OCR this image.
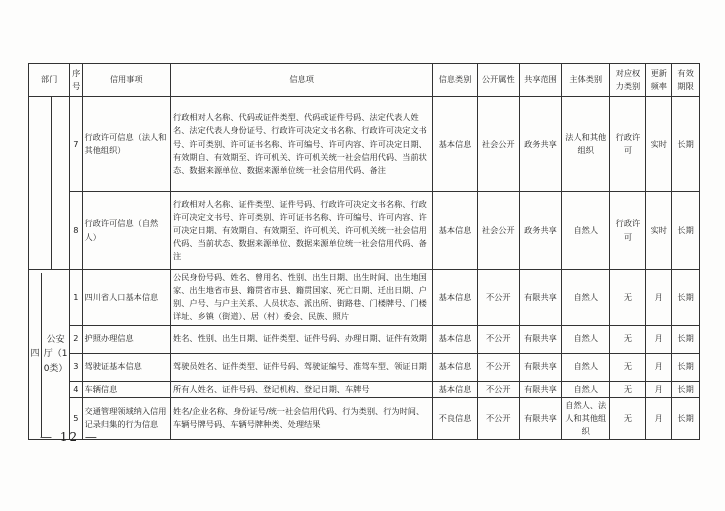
部门	序号	信用事项	信息项	信息类别	公开属性	共享范围	主体类别	对应权力类别	更新频率	有效期限

	7	行政许可信息（法人和其他组织）	行政相对人名称、代码或证件类型、代码或证件号码、法定代表人姓名、法定代表人身份证号、行政许可决定文书名称、行政许可决定文书号、许可类别、许可证书名称、许可编号、许可内容、许可决定日期、有效期自、有效期至、许可机关、许可机关统一社会信用代码、当前状态、数据来源单位、数据来源单位统一社会信用代码、备注	基本信息	社会公开	政务共享	法人和其他组织	行政许可	实时	长期
	8	行政许可信息（自然人）	行政相对人名称、证件类型、证件号码、行政许可决定文书名称、行政许可决定文书号、许可类别、许可证书名称、许可编号、许可内容、许可决定日期、有效期自、有效期至、许可机关、许可机关统一社会信用代码、当前状态、数据来源单位、数据来源单位统一社会信用代码、备注	基本信息	社会公开	政务共享	自然人	行政许可	实时	长期

四
公安厅（10类）	1	四川省人口基本信息	公民身份号码、姓名、曾用名、性别、出生日期、出生时间、出生地国家、出生地省市县、籍贯省市县、籍贯国家、死亡日期、迁出日期、户别、户号、与户主关系、人员状态、派出所、街路巷、门楼牌号、门楼详址、乡镇（街道）、居（村）委会、民族、照片	基本信息	不公开	有限共享	自然人	无	月	长期
	2	护照办理信息	姓名、性别、出生日期、证件类型、证件号码、办理日期、证件有效期	基本信息	不公开	有限共享	自然人	无	月	长期
	3	驾驶证基本信息	驾驶员姓名、证件类型、证件号码、驾驶证编号、准驾车型、领证日期	基本信息	不公开	有限共享	自然人	无	月	长期
	4	车辆信息	所有人姓名、证件号码、登记机构、登记日期、车牌号	基本信息	不公开	有限共享	自然人	无	月	长期
	5	交通管理领域纳入信用记录归集的行为信息	姓名/企业名称、身份证号/统一社会信用代码、行为类别、行为时间、车辆号牌号码、车辆号牌种类、处理结果	不良信息	不公开	有限共享	自然人、法人和其他组织	无	月	长期
— 12 —
